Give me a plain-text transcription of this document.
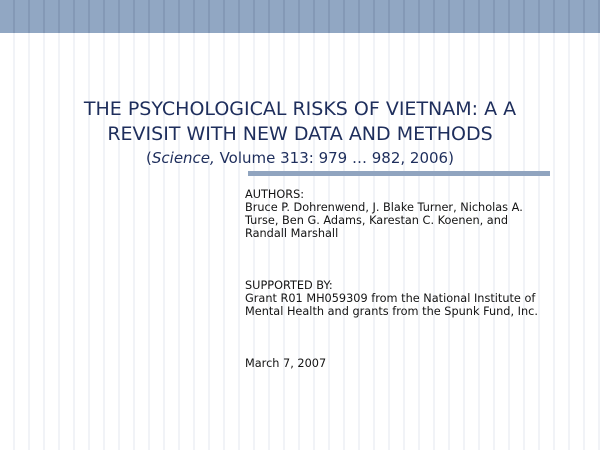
THE PSYCHOLOGICAL RISKS OF VIETNAM: A A
REVISIT WITH NEW DATA AND METHODS
(Science, Volume 313: 979 … 982, 2006)

AUTHORS:

Bruce P. Dohrenwend, J. Blake Turner, Nicholas A. Turse, Ben G. Adams, Karestan C. Koenen, and Randall Marshall

SUPPORTED BY:

Grant R01 MH059309 from the National Institute of Mental Health and grants from the Spunk Fund, Inc.

March 7, 2007
